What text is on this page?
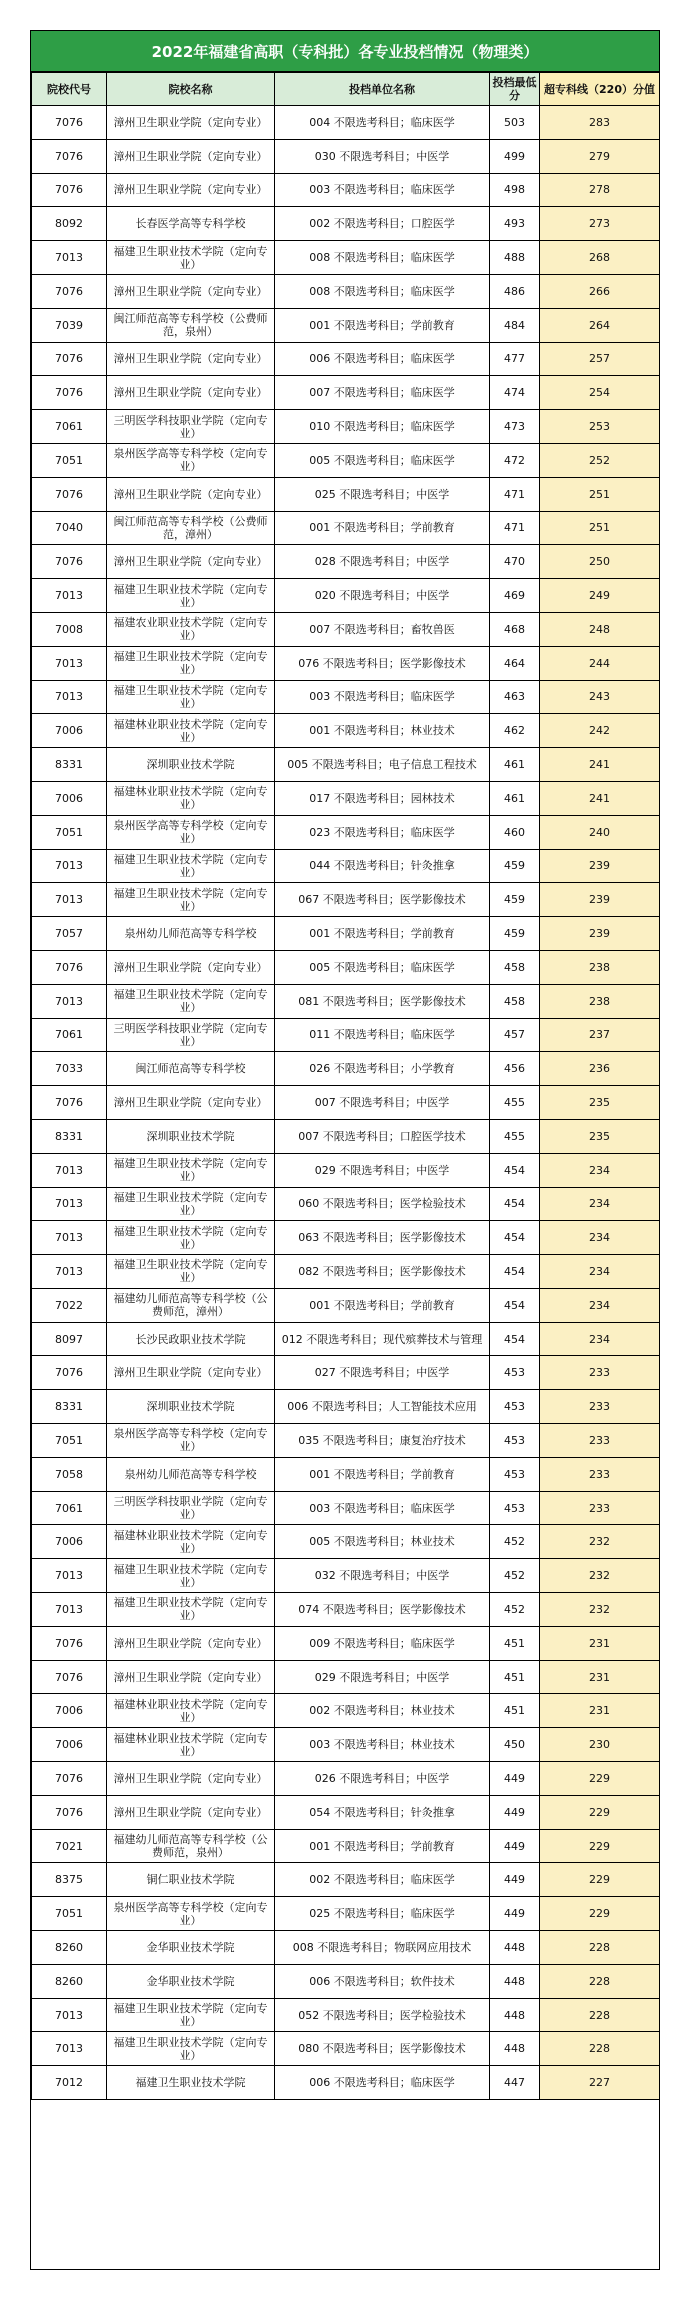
2022年福建省高职（专科批）各专业投档情况（物理类）
院校代号	院校名称	投档单位名称	投档最低分	超专科线（220）分值
7076	漳州卫生职业学院（定向专业）	004 不限选考科目；临床医学	503	283
7076	漳州卫生职业学院（定向专业）	030 不限选考科目；中医学	499	279
7076	漳州卫生职业学院（定向专业）	003 不限选考科目；临床医学	498	278
8092	长春医学高等专科学校	002 不限选考科目；口腔医学	493	273
7013	福建卫生职业技术学院（定向专业）	008 不限选考科目；临床医学	488	268
7076	漳州卫生职业学院（定向专业）	008 不限选考科目；临床医学	486	266
7039	闽江师范高等专科学校（公费师范，泉州）	001 不限选考科目；学前教育	484	264
7076	漳州卫生职业学院（定向专业）	006 不限选考科目；临床医学	477	257
7076	漳州卫生职业学院（定向专业）	007 不限选考科目；临床医学	474	254
7061	三明医学科技职业学院（定向专业）	010 不限选考科目；临床医学	473	253
7051	泉州医学高等专科学校（定向专业）	005 不限选考科目；临床医学	472	252
7076	漳州卫生职业学院（定向专业）	025 不限选考科目；中医学	471	251
7040	闽江师范高等专科学校（公费师范，漳州）	001 不限选考科目；学前教育	471	251
7076	漳州卫生职业学院（定向专业）	028 不限选考科目；中医学	470	250
7013	福建卫生职业技术学院（定向专业）	020 不限选考科目；中医学	469	249
7008	福建农业职业技术学院（定向专业）	007 不限选考科目；畜牧兽医	468	248
7013	福建卫生职业技术学院（定向专业）	076 不限选考科目；医学影像技术	464	244
7013	福建卫生职业技术学院（定向专业）	003 不限选考科目；临床医学	463	243
7006	福建林业职业技术学院（定向专业）	001 不限选考科目；林业技术	462	242
8331	深圳职业技术学院	005 不限选考科目；电子信息工程技术	461	241
7006	福建林业职业技术学院（定向专业）	017 不限选考科目；园林技术	461	241
7051	泉州医学高等专科学校（定向专业）	023 不限选考科目；临床医学	460	240
7013	福建卫生职业技术学院（定向专业）	044 不限选考科目；针灸推拿	459	239
7013	福建卫生职业技术学院（定向专业）	067 不限选考科目；医学影像技术	459	239
7057	泉州幼儿师范高等专科学校	001 不限选考科目；学前教育	459	239
7076	漳州卫生职业学院（定向专业）	005 不限选考科目；临床医学	458	238
7013	福建卫生职业技术学院（定向专业）	081 不限选考科目；医学影像技术	458	238
7061	三明医学科技职业学院（定向专业）	011 不限选考科目；临床医学	457	237
7033	闽江师范高等专科学校	026 不限选考科目；小学教育	456	236
7076	漳州卫生职业学院（定向专业）	007 不限选考科目；中医学	455	235
8331	深圳职业技术学院	007 不限选考科目；口腔医学技术	455	235
7013	福建卫生职业技术学院（定向专业）	029 不限选考科目；中医学	454	234
7013	福建卫生职业技术学院（定向专业）	060 不限选考科目；医学检验技术	454	234
7013	福建卫生职业技术学院（定向专业）	063 不限选考科目；医学影像技术	454	234
7013	福建卫生职业技术学院（定向专业）	082 不限选考科目；医学影像技术	454	234
7022	福建幼儿师范高等专科学校（公费师范，漳州）	001 不限选考科目；学前教育	454	234
8097	长沙民政职业技术学院	012 不限选考科目；现代殡葬技术与管理	454	234
7076	漳州卫生职业学院（定向专业）	027 不限选考科目；中医学	453	233
8331	深圳职业技术学院	006 不限选考科目；人工智能技术应用	453	233
7051	泉州医学高等专科学校（定向专业）	035 不限选考科目；康复治疗技术	453	233
7058	泉州幼儿师范高等专科学校	001 不限选考科目；学前教育	453	233
7061	三明医学科技职业学院（定向专业）	003 不限选考科目；临床医学	453	233
7006	福建林业职业技术学院（定向专业）	005 不限选考科目；林业技术	452	232
7013	福建卫生职业技术学院（定向专业）	032 不限选考科目；中医学	452	232
7013	福建卫生职业技术学院（定向专业）	074 不限选考科目；医学影像技术	452	232
7076	漳州卫生职业学院（定向专业）	009 不限选考科目；临床医学	451	231
7076	漳州卫生职业学院（定向专业）	029 不限选考科目；中医学	451	231
7006	福建林业职业技术学院（定向专业）	002 不限选考科目；林业技术	451	231
7006	福建林业职业技术学院（定向专业）	003 不限选考科目；林业技术	450	230
7076	漳州卫生职业学院（定向专业）	026 不限选考科目；中医学	449	229
7076	漳州卫生职业学院（定向专业）	054 不限选考科目；针灸推拿	449	229
7021	福建幼儿师范高等专科学校（公费师范，泉州）	001 不限选考科目；学前教育	449	229
8375	铜仁职业技术学院	002 不限选考科目；临床医学	449	229
7051	泉州医学高等专科学校（定向专业）	025 不限选考科目；临床医学	449	229
8260	金华职业技术学院	008 不限选考科目；物联网应用技术	448	228
8260	金华职业技术学院	006 不限选考科目；软件技术	448	228
7013	福建卫生职业技术学院（定向专业）	052 不限选考科目；医学检验技术	448	228
7013	福建卫生职业技术学院（定向专业）	080 不限选考科目；医学影像技术	448	228
7012	福建卫生职业技术学院	006 不限选考科目；临床医学	447	227
